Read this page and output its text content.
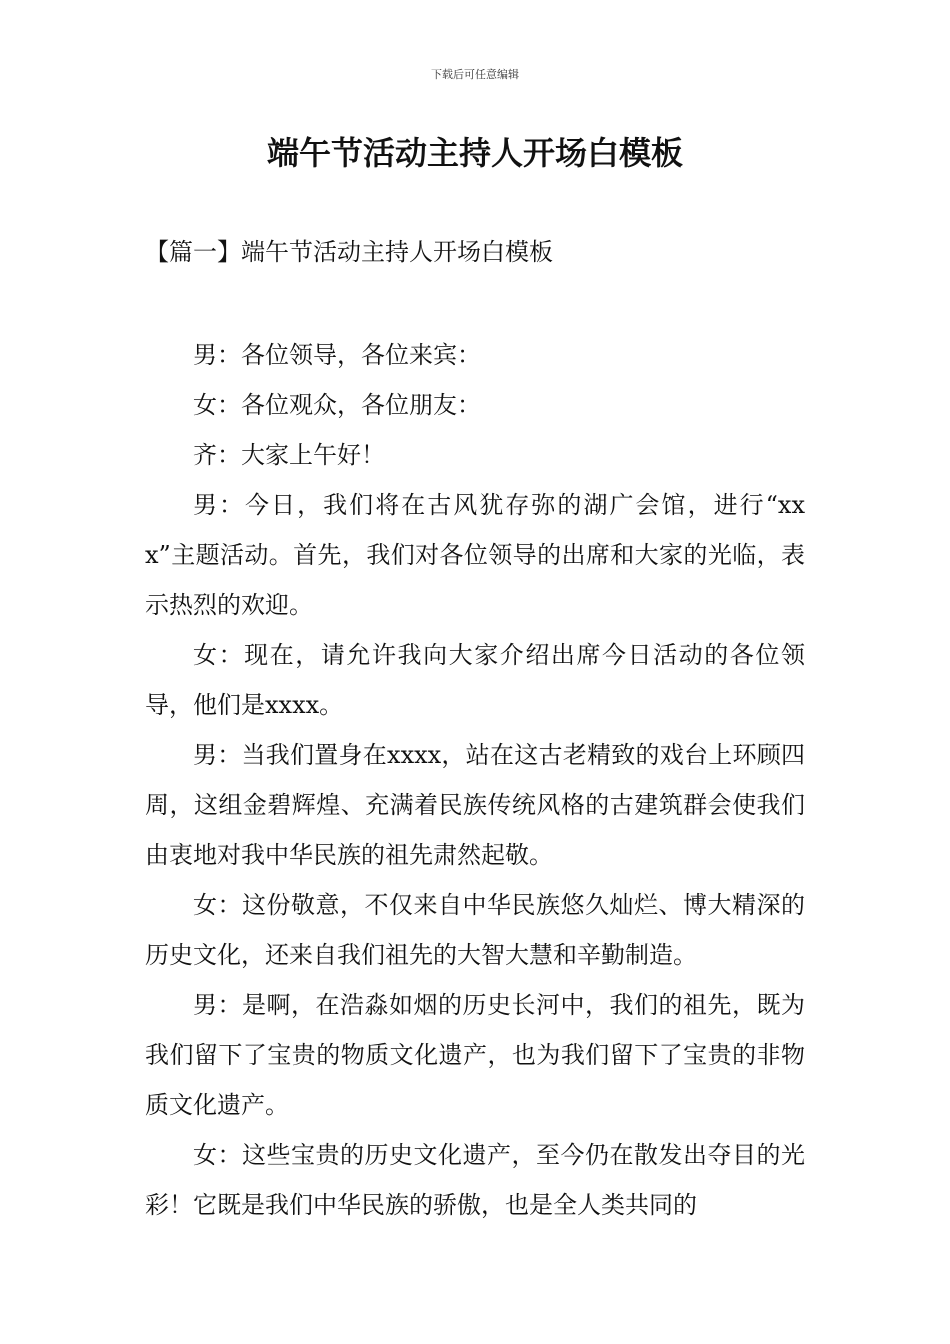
下载后可任意编辑
端午节活动主持人开场白模板
【篇一】端午节活动主持人开场白模板

男：各位领导，各位来宾：

女：各位观众，各位朋友：

齐：大家上午好！

男：今日，我们将在古风犹存弥的湖广会馆，进行“xxx”主题活动。首先，我们对各位领导的出席和大家的光临，表示热烈的欢迎。

女：现在，请允许我向大家介绍出席今日活动的各位领导，他们是xxxx。

男：当我们置身在xxxx，站在这古老精致的戏台上环顾四周，这组金碧辉煌、充满着民族传统风格的古建筑群会使我们由衷地对我中华民族的祖先肃然起敬。

女：这份敬意，不仅来自中华民族悠久灿烂、博大精深的历史文化，还来自我们祖先的大智大慧和辛勤制造。

男：是啊，在浩淼如烟的历史长河中，我们的祖先，既为我们留下了宝贵的物质文化遗产，也为我们留下了宝贵的非物质文化遗产。

女：这些宝贵的历史文化遗产，至今仍在散发出夺目的光彩！它既是我们中华民族的骄傲，也是全人类共同的
